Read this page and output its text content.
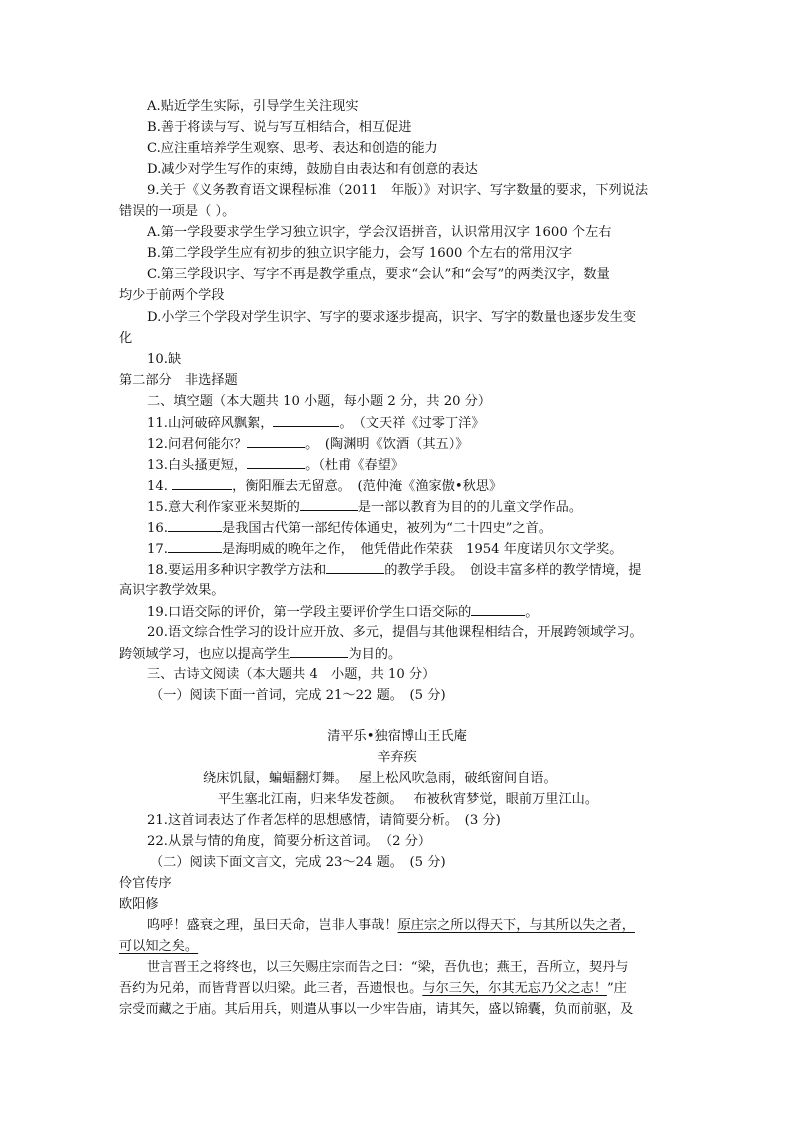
A.贴近学生实际，引导学生关注现实
B.善于将读与写、说与写互相结合，相互促进
C.应注重培养学生观察、思考、表达和创造的能力
D.减少对学生写作的束缚，鼓励自由表达和有创意的表达
9.关于《义务教育语文课程标准（2011　年版）》对识字、写字数量的要求，下列说法
错误的一项是（ ）。
A.第一学段要求学生学习独立识字，学会汉语拼音，认识常用汉字 1600 个左右
B.第二学段学生应有初步的独立识字能力，会写 1600 个左右的常用汉字
C.第三学段识字、写字不再是教学重点，要求“会认”和“会写”的两类汉字，数量
均少于前两个学段
D.小学三个学段对学生识字、写字的要求逐步提高，识字、写字的数量也逐步发生变
化
10.缺
第二部分　非选择题
二、填空题（本大题共 10 小题，每小题 2 分，共 20 分）
11.山河破碎风飘絮，	。　（文天祥《过零丁洋》
12.问君何能尔？	。　(陶渊明《饮酒（其五）》
13.白头搔更短，	。（杜甫《春望》
14.	，衡阳雁去无留意。　(范仲淹《渔家傲•秋思》
15.意大利作家亚米契斯的	是一部以教育为目的的儿童文学作品。
16.	是我国古代第一部纪传体通史，被列为“二十四史”之首。
17.	是海明威的晚年之作，　他凭借此作荣获　1954 年度诺贝尔文学奖。
18.要运用多种识字教学方法和	的教学手段。　创设丰富多样的教学情境，提
高识字教学效果。
19.口语交际的评价，第一学段主要评价学生口语交际的	。
20.语文综合性学习的设计应开放、多元，提倡与其他课程相结合，开展跨领域学习。
跨领域学习，也应以提高学生	为目的。
三、古诗文阅读（本大题共 4　小题，共 10 分）
（一）阅读下面一首词，完成 21～22 题。　(5 分)
清平乐•独宿博山王氏庵
辛弃疾
绕床饥鼠，蝙蝠翻灯舞。　 屋上松风吹急雨，破纸窗间自语。
平生塞北江南，归来华发苍颜。　 布被秋宵梦觉，眼前万里江山。
21.这首词表达了作者怎样的思想感情，请简要分析。　(3 分)
22.从景与情的角度，简要分析这首词。　（2 分）
（二）阅读下面文言文，完成 23～24 题。　(5 分)
伶官传序
欧阳修
呜呼！盛衰之理，虽曰天命，岂非人事哉！原庄宗之所以得天下，与其所以失之者，
可以知之矣。
世言晋王之将终也，以三矢赐庄宗而告之曰：“梁，吾仇也；燕王，吾所立，契丹与
吾约为兄弟，而皆背晋以归梁。此三者，吾遗恨也。与尔三矢，尔其无忘乃父之志！”庄
宗受而藏之于庙。其后用兵，则遣从事以一少牢告庙，请其矢，盛以锦囊，负而前驱，及
